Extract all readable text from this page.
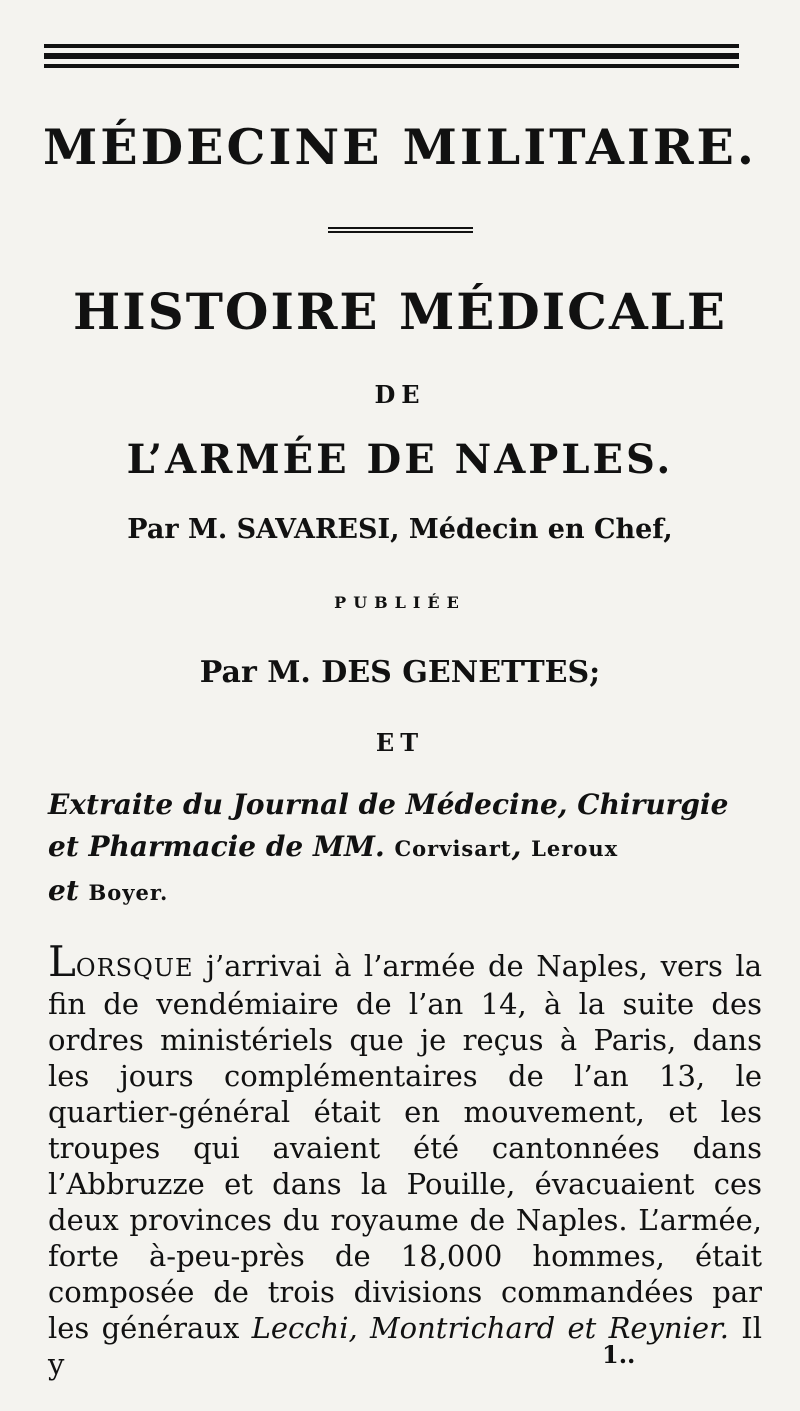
MÉDECINE MILITAIRE.
HISTOIRE MÉDICALE
DE
L’ARMÉE DE NAPLES.
Par M. SAVARESI, Médecin en Chef,
PUBLIÉE
Par M. DES GENETTES;
ET
Extraite du Journal de Médecine, Chirurgie
et Pharmacie de MM. Corvisart, Leroux
et Boyer.

LORSQUE j’arrivai à l’armée de Naples, vers la fin de vendémiaire de l’an 14, à la suite des ordres ministériels que je reçus à Paris, dans les jours complémentaires de l’an 13, le quartier-général était en mouvement, et les troupes qui avaient été cantonnées dans l’Abbruzze et dans la Pouille, évacuaient ces deux provinces du royaume de Naples. L’armée, forte à-peu-près de 18,000 hommes, était composée de trois divisions commandées par les généraux Lecchi, Montrichard et Reynier. Il y	1..
